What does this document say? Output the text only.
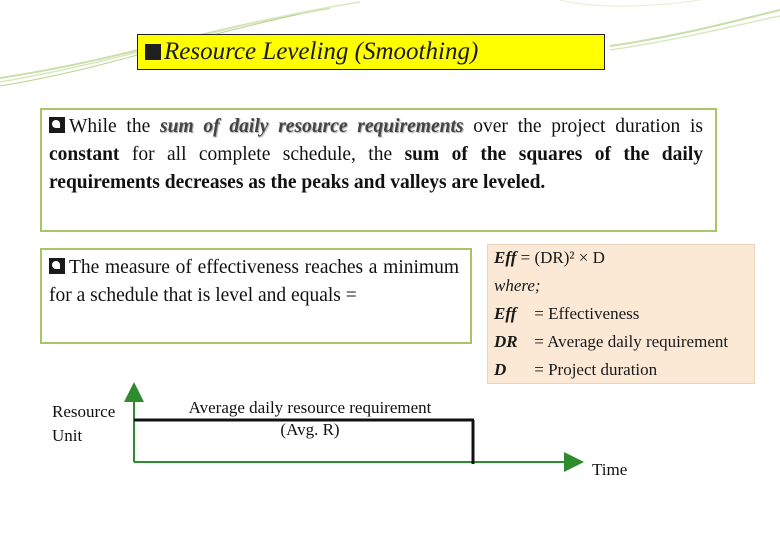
Resource Leveling (Smoothing)
While the sum of daily resource requirements over the project duration is constant for all complete schedule, the sum of the squares of the daily requirements decreases as the peaks and valleys are leveled.
The measure of effectiveness reaches a minimum for a schedule that is level and equals =
Eff = (DR)² × D
where;
Eff = Effectiveness
DR = Average daily requirement
D = Project duration
Resource
Unit
Average daily resource requirement
(Avg. R)
Time
